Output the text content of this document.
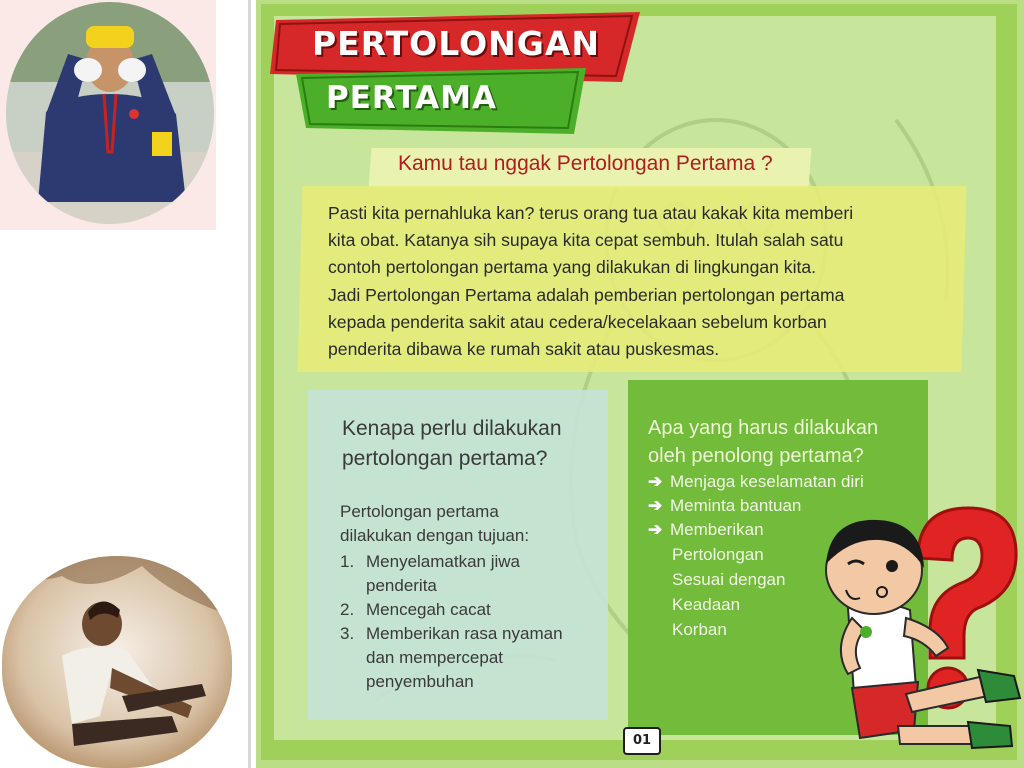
PERTOLONGAN
PERTAMA
Kamu tau nggak Pertolongan Pertama ?
Pasti kita pernahluka kan? terus orang tua atau kakak kita memberi
kita obat. Katanya sih supaya kita cepat sembuh. Itulah salah satu
contoh pertolongan pertama yang dilakukan di lingkungan kita.
Jadi Pertolongan Pertama adalah pemberian pertolongan pertama
kepada penderita sakit atau cedera/kecelakaan sebelum korban
penderita dibawa ke rumah sakit atau puskesmas.
Kenapa perlu dilakukan
pertolongan pertama?
Pertolongan pertama
dilakukan dengan tujuan:
1. Menyelamatkan jiwa
penderita
2. Mencegah cacat
3. Memberikan rasa nyaman
dan mempercepat
penyembuhan
Apa yang harus dilakukan
oleh penolong pertama?
➔ Menjaga keselamatan diri
➔ Meminta bantuan
➔ Memberikan
Pertolongan
Sesuai dengan
Keadaan
Korban
01
